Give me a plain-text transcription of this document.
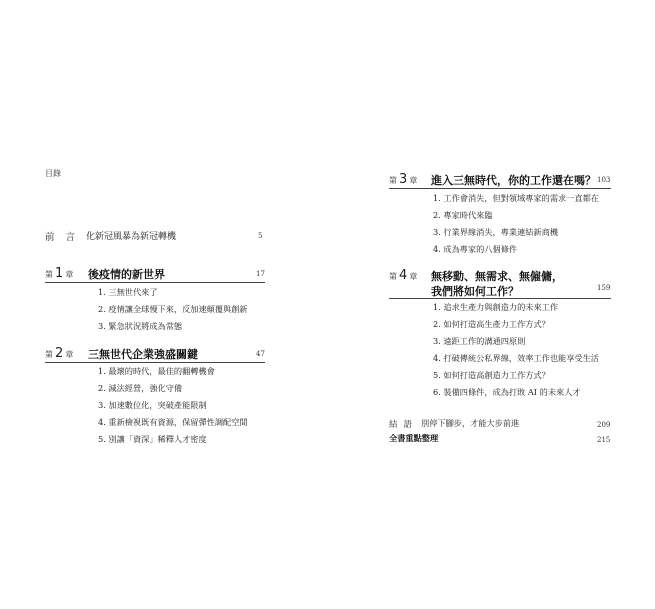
目錄
前言 化新冠風暴為新冠轉機	5
第 1 章 後疫情的新世界	17
1. 三無世代來了
2. 疫情讓全球慢下來，反加速顛覆與創新
3. 緊急狀況將成為常態
第 2 章 三無世代企業強盛關鍵	47
1. 最壞的時代，最佳的翻轉機會
2. 減法經營，強化守備
3. 加速數位化，突破產能限制
4. 重新檢視既有資源，保留彈性調配空間
5. 別讓「資深」稀釋人才密度
第 3 章 進入三無時代，你的工作還在嗎？ 103
1. 工作會消失，但對領域專家的需求一直都在
2. 專家時代來臨
3. 行業界線消失，專業連結新商機
4. 成為專家的八個條件
第 4 章 無移動、無需求、無僱傭，
我們將如何工作？	159
1. 追求生產力與創造力的未來工作
2. 如何打造高生產力工作方式？
3. 遠距工作的溝通四原則
4. 打破傳統公私界線，效率工作也能享受生活
5. 如何打造高創造力工作方式？
6. 裝備四條件，成為打敗 AI 的未來人才
結語 別停下腳步，才能大步前進	209
全書重點整理	215
